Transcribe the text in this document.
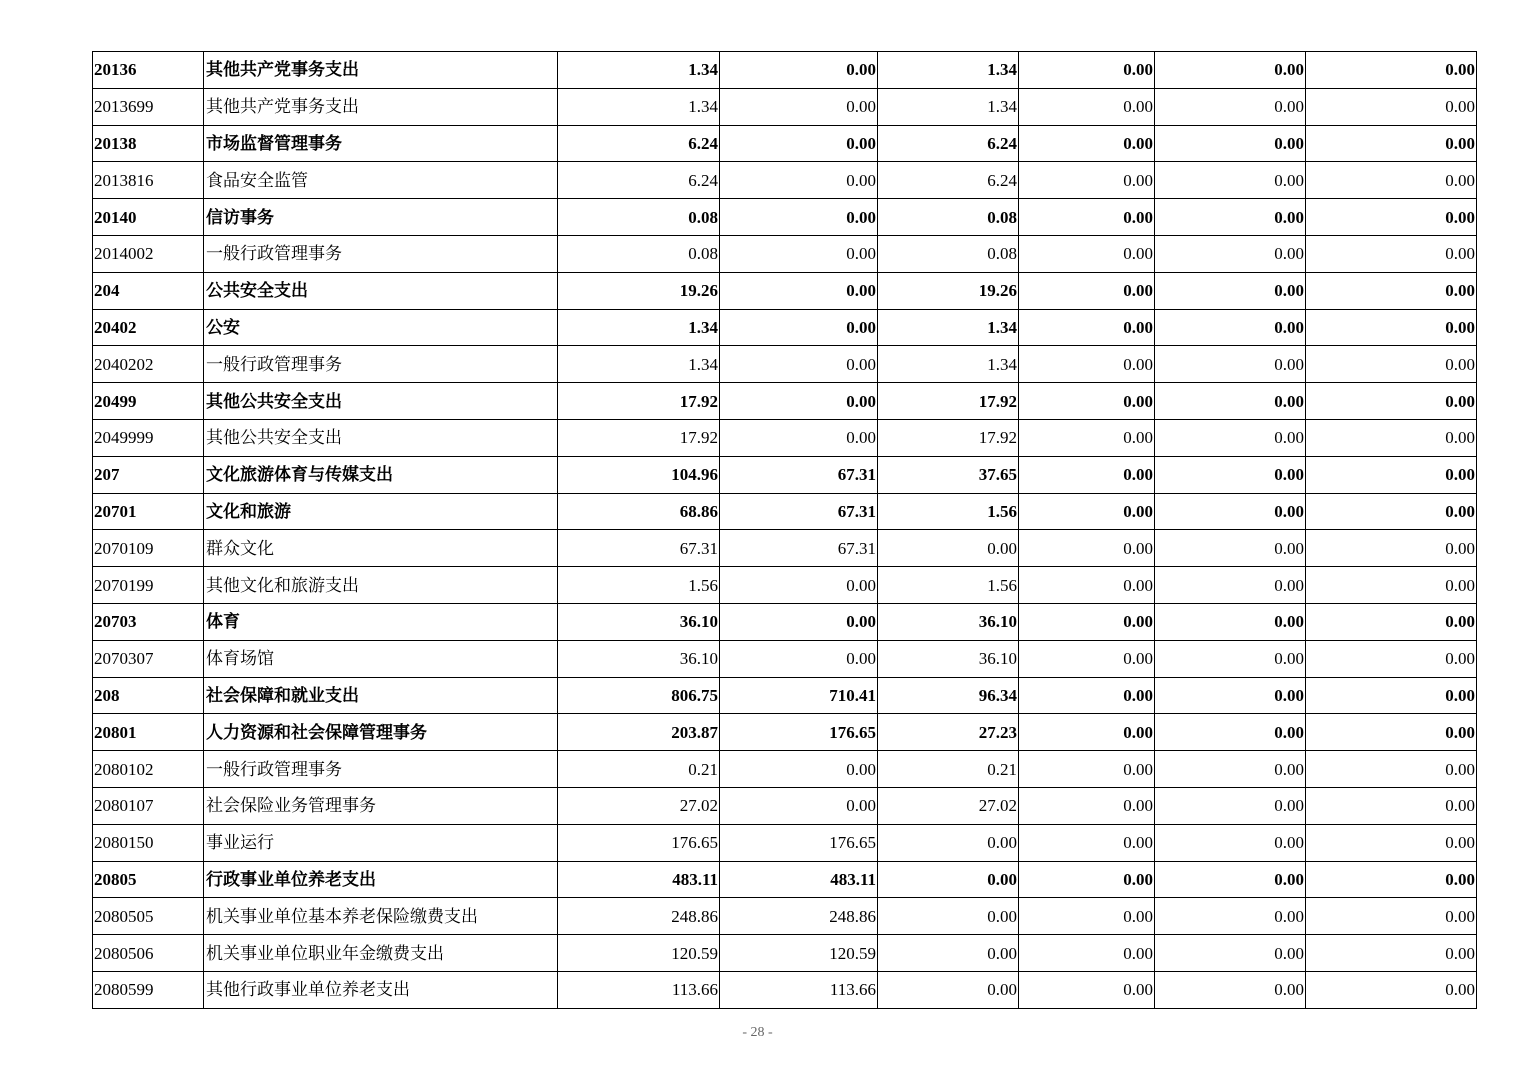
20136	其他共产党事务支出	1.34	0.00	1.34	0.00	0.00	0.00
2013699	其他共产党事务支出	1.34	0.00	1.34	0.00	0.00	0.00
20138	市场监督管理事务	6.24	0.00	6.24	0.00	0.00	0.00
2013816	食品安全监管	6.24	0.00	6.24	0.00	0.00	0.00
20140	信访事务	0.08	0.00	0.08	0.00	0.00	0.00
2014002	一般行政管理事务	0.08	0.00	0.08	0.00	0.00	0.00
204	公共安全支出	19.26	0.00	19.26	0.00	0.00	0.00
20402	公安	1.34	0.00	1.34	0.00	0.00	0.00
2040202	一般行政管理事务	1.34	0.00	1.34	0.00	0.00	0.00
20499	其他公共安全支出	17.92	0.00	17.92	0.00	0.00	0.00
2049999	其他公共安全支出	17.92	0.00	17.92	0.00	0.00	0.00
207	文化旅游体育与传媒支出	104.96	67.31	37.65	0.00	0.00	0.00
20701	文化和旅游	68.86	67.31	1.56	0.00	0.00	0.00
2070109	群众文化	67.31	67.31	0.00	0.00	0.00	0.00
2070199	其他文化和旅游支出	1.56	0.00	1.56	0.00	0.00	0.00
20703	体育	36.10	0.00	36.10	0.00	0.00	0.00
2070307	体育场馆	36.10	0.00	36.10	0.00	0.00	0.00
208	社会保障和就业支出	806.75	710.41	96.34	0.00	0.00	0.00
20801	人力资源和社会保障管理事务	203.87	176.65	27.23	0.00	0.00	0.00
2080102	一般行政管理事务	0.21	0.00	0.21	0.00	0.00	0.00
2080107	社会保险业务管理事务	27.02	0.00	27.02	0.00	0.00	0.00
2080150	事业运行	176.65	176.65	0.00	0.00	0.00	0.00
20805	行政事业单位养老支出	483.11	483.11	0.00	0.00	0.00	0.00
2080505	机关事业单位基本养老保险缴费支出	248.86	248.86	0.00	0.00	0.00	0.00
2080506	机关事业单位职业年金缴费支出	120.59	120.59	0.00	0.00	0.00	0.00
2080599	其他行政事业单位养老支出	113.66	113.66	0.00	0.00	0.00	0.00
- 28 -
